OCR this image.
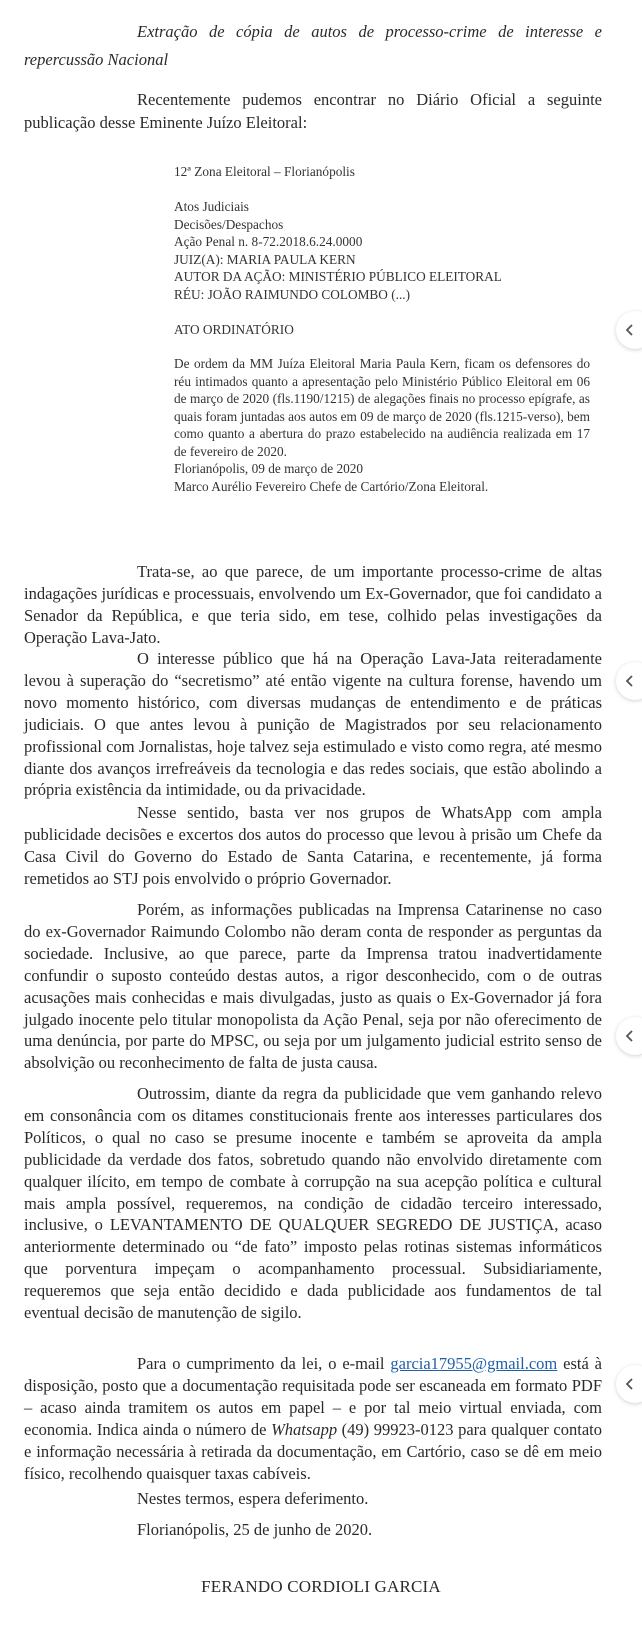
Extração de cópia de autos de processo-crime de interesse e repercussão Nacional
Recentemente pudemos encontrar no Diário Oficial a seguinte publicação desse Eminente Juízo Eleitoral:
12ª Zona Eleitoral – Florianópolis
Atos Judiciais
Decisões/Despachos
Ação Penal n. 8-72.2018.6.24.0000
JUIZ(A): MARIA PAULA KERN
AUTOR DA AÇÃO: MINISTÉRIO PÚBLICO ELEITORAL
RÉU: JOÃO RAIMUNDO COLOMBO (...)
ATO ORDINATÓRIO
De ordem da MM Juíza Eleitoral Maria Paula Kern, ficam os defensores do réu intimados quanto a apresentação pelo Ministério Público Eleitoral em 06 de março de 2020 (fls.1190/1215) de alegações finais no processo epígrafe, as quais foram juntadas aos autos em 09 de março de 2020 (fls.1215-verso), bem como quanto a abertura do prazo estabelecido na audiência realizada em 17 de fevereiro de 2020.
Florianópolis, 09 de março de 2020
Marco Aurélio Fevereiro Chefe de Cartório/Zona Eleitoral.

Trata-se, ao que parece, de um importante processo-crime de altas indagações jurídicas e processuais, envolvendo um Ex-Governador, que foi candidato a Senador da República, e que teria sido, em tese, colhido pelas investigações da Operação Lava-Jato.

O interesse público que há na Operação Lava-Jata reiteradamente levou à superação do “secretismo” até então vigente na cultura forense, havendo um novo momento histórico, com diversas mudanças de entendimento e de práticas judiciais. O que antes levou à punição de Magistrados por seu relacionamento profissional com Jornalistas, hoje talvez seja estimulado e visto como regra, até mesmo diante dos avanços irrefreáveis da tecnologia e das redes sociais, que estão abolindo a própria existência da intimidade, ou da privacidade.

Nesse sentido, basta ver nos grupos de WhatsApp com ampla publicidade decisões e excertos dos autos do processo que levou à prisão um Chefe da Casa Civil do Governo do Estado de Santa Catarina, e recentemente, já forma remetidos ao STJ pois envolvido o próprio Governador.

Porém, as informações publicadas na Imprensa Catarinense no caso do ex-Governador Raimundo Colombo não deram conta de responder as perguntas da sociedade. Inclusive, ao que parece, parte da Imprensa tratou inadvertidamente confundir o suposto conteúdo destas autos, a rigor desconhecido, com o de outras acusações mais conhecidas e mais divulgadas, justo as quais o Ex-Governador já fora julgado inocente pelo titular monopolista da Ação Penal, seja por não oferecimento de uma denúncia, por parte do MPSC, ou seja por um julgamento judicial estrito senso de absolvição ou reconhecimento de falta de justa causa.

Outrossim, diante da regra da publicidade que vem ganhando relevo em consonância com os ditames constitucionais frente aos interesses particulares dos Políticos, o qual no caso se presume inocente e também se aproveita da ampla publicidade da verdade dos fatos, sobretudo quando não envolvido diretamente com qualquer ilícito, em tempo de combate à corrupção na sua acepção política e cultural mais ampla possível, requeremos, na condição de cidadão terceiro interessado, inclusive, o LEVANTAMENTO DE QUALQUER SEGREDO DE JUSTIÇA, acaso anteriormente determinado ou “de fato” imposto pelas rotinas sistemas informáticos que porventura impeçam o acompanhamento processual. Subsidiariamente, requeremos que seja então decidido e dada publicidade aos fundamentos de tal eventual decisão de manutenção de sigilo.

Para o cumprimento da lei, o e-mail garcia17955@gmail.com está à disposição, posto que a documentação requisitada pode ser escaneada em formato PDF – acaso ainda tramitem os autos em papel – e por tal meio virtual enviada, com economia. Indica ainda o número de Whatsapp (49) 99923-0123 para qualquer contato e informação necessária à retirada da documentação, em Cartório, caso se dê em meio físico, recolhendo quaisquer taxas cabíveis.

Nestes termos, espera deferimento.
Florianópolis, 25 de junho de 2020.
FERANDO CORDIOLI GARCIA
